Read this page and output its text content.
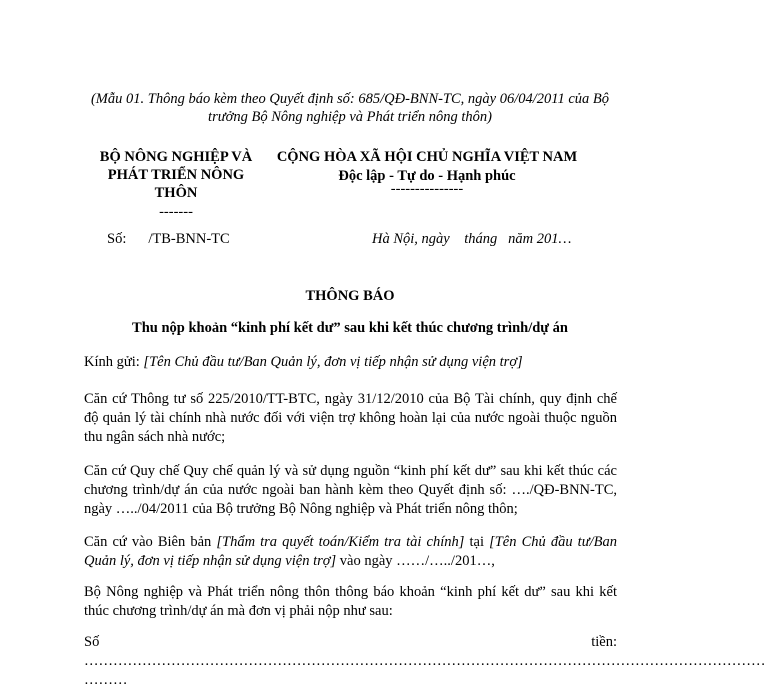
(Mẫu 01. Thông báo kèm theo Quyết định số: 685/QĐ-BNN-TC, ngày 06/04/2011 của Bộ trưởng Bộ Nông nghiệp và Phát triển nông thôn)
BỘ NÔNG NGHIỆP VÀ
PHÁT TRIỂN NÔNG
THÔN
-------
CỘNG HÒA XÃ HỘI CHỦ NGHĨA VIỆT NAM
Độc lập - Tự do - Hạnh phúc
---------------
Số: /TB-BNN-TC	Hà Nội, ngày    tháng   năm 201…
THÔNG BÁO
Thu nộp khoản “kinh phí kết dư” sau khi kết thúc chương trình/dự án
Kính gửi: [Tên Chủ đầu tư/Ban Quản lý, đơn vị tiếp nhận sử dụng viện trợ]
Căn cứ Thông tư số 225/2010/TT-BTC, ngày 31/12/2010 của Bộ Tài chính, quy định chế độ quản lý tài chính nhà nước đối với viện trợ không hoàn lại của nước ngoài thuộc nguồn thu ngân sách nhà nước;
Căn cứ Quy chế Quy chế quản lý và sử dụng nguồn “kinh phí kết dư” sau khi kết thúc các chương trình/dự án của nước ngoài ban hành kèm theo Quyết định số: …./QĐ-BNN-TC, ngày …../04/2011 của Bộ trưởng Bộ Nông nghiệp và Phát triển nông thôn;
Căn cứ vào Biên bản [Thẩm tra quyết toán/Kiểm tra tài chính] tại [Tên Chủ đầu tư/Ban Quản lý, đơn vị tiếp nhận sử dụng viện trợ] vào ngày ……/…../201…,
Bộ Nông nghiệp và Phát triển nông thôn thông báo khoản “kinh phí kết dư” sau khi kết thúc chương trình/dự án mà đơn vị phải nộp như sau:
Số	tiền:
……………………………………………………………………………………………………………………………
………
